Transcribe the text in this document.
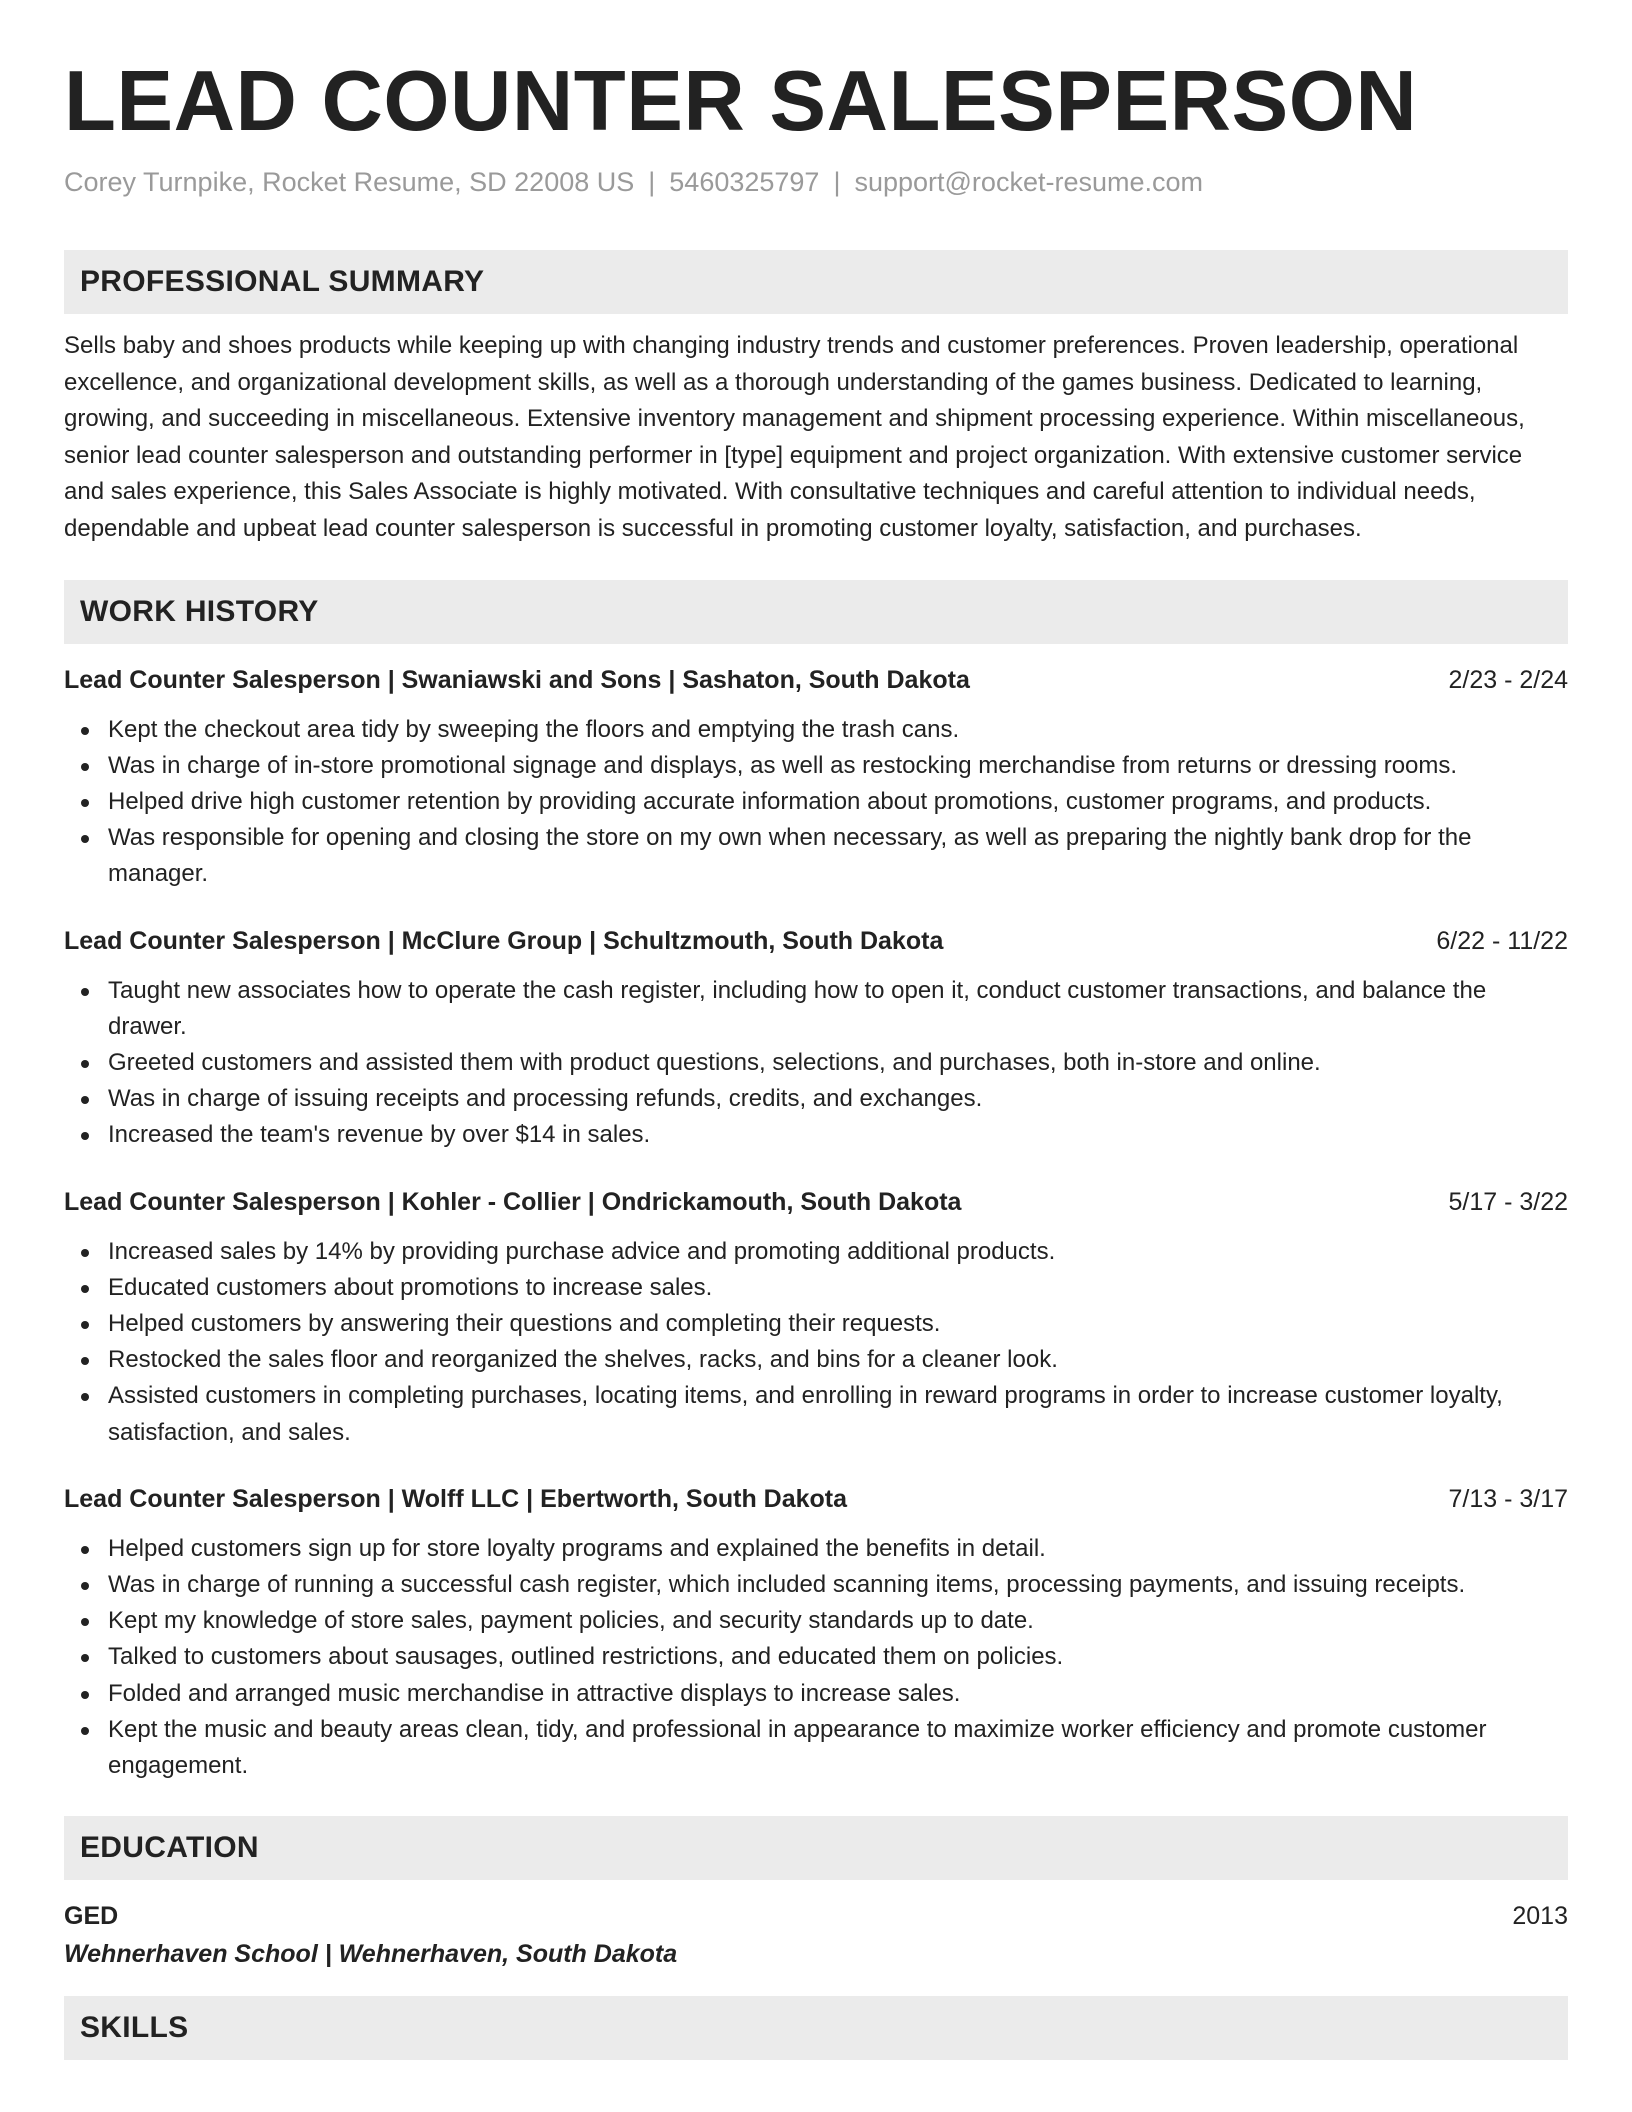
LEAD COUNTER SALESPERSON
Corey Turnpike, Rocket Resume, SD 22008 US | 5460325797 | support@rocket-resume.com
PROFESSIONAL SUMMARY
Sells baby and shoes products while keeping up with changing industry trends and customer preferences. Proven leadership, operational excellence, and organizational development skills, as well as a thorough understanding of the games business. Dedicated to learning, growing, and succeeding in miscellaneous. Extensive inventory management and shipment processing experience. Within miscellaneous, senior lead counter salesperson and outstanding performer in [type] equipment and project organization. With extensive customer service and sales experience, this Sales Associate is highly motivated. With consultative techniques and careful attention to individual needs, dependable and upbeat lead counter salesperson is successful in promoting customer loyalty, satisfaction, and purchases.
WORK HISTORY
Lead Counter Salesperson | Swaniawski and Sons | Sashaton, South Dakota	2/23 - 2/24
Kept the checkout area tidy by sweeping the floors and emptying the trash cans.
Was in charge of in-store promotional signage and displays, as well as restocking merchandise from returns or dressing rooms.
Helped drive high customer retention by providing accurate information about promotions, customer programs, and products.
Was responsible for opening and closing the store on my own when necessary, as well as preparing the nightly bank drop for the manager.
Lead Counter Salesperson | McClure Group | Schultzmouth, South Dakota	6/22 - 11/22
Taught new associates how to operate the cash register, including how to open it, conduct customer transactions, and balance the drawer.
Greeted customers and assisted them with product questions, selections, and purchases, both in-store and online.
Was in charge of issuing receipts and processing refunds, credits, and exchanges.
Increased the team's revenue by over $14 in sales.
Lead Counter Salesperson | Kohler - Collier | Ondrickamouth, South Dakota	5/17 - 3/22
Increased sales by 14% by providing purchase advice and promoting additional products.
Educated customers about promotions to increase sales.
Helped customers by answering their questions and completing their requests.
Restocked the sales floor and reorganized the shelves, racks, and bins for a cleaner look.
Assisted customers in completing purchases, locating items, and enrolling in reward programs in order to increase customer loyalty, satisfaction, and sales.
Lead Counter Salesperson | Wolff LLC | Ebertworth, South Dakota	7/13 - 3/17
Helped customers sign up for store loyalty programs and explained the benefits in detail.
Was in charge of running a successful cash register, which included scanning items, processing payments, and issuing receipts.
Kept my knowledge of store sales, payment policies, and security standards up to date.
Talked to customers about sausages, outlined restrictions, and educated them on policies.
Folded and arranged music merchandise in attractive displays to increase sales.
Kept the music and beauty areas clean, tidy, and professional in appearance to maximize worker efficiency and promote customer engagement.
EDUCATION
GED	2013
Wehnerhaven School | Wehnerhaven, South Dakota
SKILLS
